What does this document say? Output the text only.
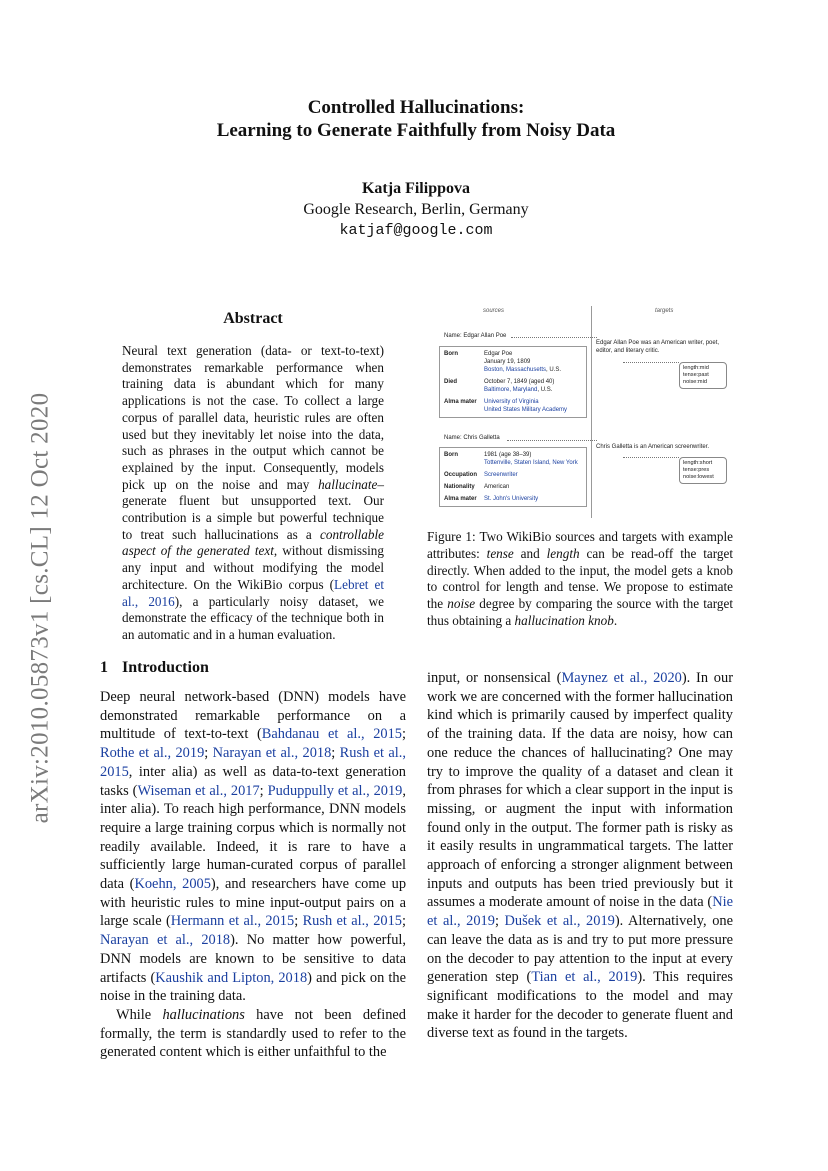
arXiv:2010.05873v1 [cs.CL] 12 Oct 2020
Controlled Hallucinations:
Learning to Generate Faithfully from Noisy Data
Katja Filippova
Google Research, Berlin, Germany
katjaf@google.com
Abstract
Neural text generation (data- or text-to-text) demonstrates remarkable performance when training data is abundant which for many applications is not the case. To collect a large corpus of parallel data, heuristic rules are often used but they inevitably let noise into the data, such as phrases in the output which cannot be explained by the input. Consequently, models pick up on the noise and may hallucinate–generate fluent but unsupported text. Our contribution is a simple but powerful technique to treat such hallucinations as a controllable aspect of the generated text, without dismissing any input and without modifying the model architecture. On the WikiBio corpus (Lebret et al., 2016), a particularly noisy dataset, we demonstrate the efficacy of the technique both in an automatic and in a human evaluation.
sources	targets
Name: Edgar Allan Poe
Born	Edgar Poe
January 19, 1809
Boston, Massachusetts, U.S.
Died	October 7, 1849 (aged 40)
Baltimore, Maryland, U.S.
Alma mater	University of Virginia
United States Military Academy
Edgar Allan Poe was an American writer, poet, editor, and literary critic.
length:mid
tense:past
noise:mid
Name: Chris Galletta
Born	1981 (age 38–39)
Tottenville, Staten Island, New York
Occupation	Screenwriter
Nationality	American
Alma mater	St. John's University
Chris Galletta is an American screenwriter.
length:short
tense:pres
noise:lowest
Figure 1: Two WikiBio sources and targets with example attributes: tense and length can be read-off the target directly. When added to the input, the model gets a knob to control for length and tense. We propose to estimate the noise degree by comparing the source with the target thus obtaining a hallucination knob.
1 Introduction

Deep neural network-based (DNN) models have demonstrated remarkable performance on a multitude of text-to-text (Bahdanau et al., 2015; Rothe et al., 2019; Narayan et al., 2018; Rush et al., 2015, inter alia) as well as data-to-text generation tasks (Wiseman et al., 2017; Puduppully et al., 2019, inter alia). To reach high performance, DNN models require a large training corpus which is normally not readily available. Indeed, it is rare to have a sufficiently large human-curated corpus of parallel data (Koehn, 2005), and researchers have come up with heuristic rules to mine input-output pairs on a large scale (Hermann et al., 2015; Rush et al., 2015; Narayan et al., 2018). No matter how powerful, DNN models are known to be sensitive to data artifacts (Kaushik and Lipton, 2018) and pick on the noise in the training data.

While hallucinations have not been defined formally, the term is standardly used to refer to the generated content which is either unfaithful to the

input, or nonsensical (Maynez et al., 2020). In our work we are concerned with the former hallucination kind which is primarily caused by imperfect quality of the training data. If the data are noisy, how can one reduce the chances of hallucinating? One may try to improve the quality of a dataset and clean it from phrases for which a clear support in the input is missing, or augment the input with information found only in the output. The former path is risky as it easily results in ungrammatical targets. The latter approach of enforcing a stronger alignment between inputs and outputs has been tried previously but it assumes a moderate amount of noise in the data (Nie et al., 2019; Dušek et al., 2019). Alternatively, one can leave the data as is and try to put more pressure on the decoder to pay attention to the input at every generation step (Tian et al., 2019). This requires significant modifications to the model and may make it harder for the decoder to generate fluent and diverse text as found in the targets.
